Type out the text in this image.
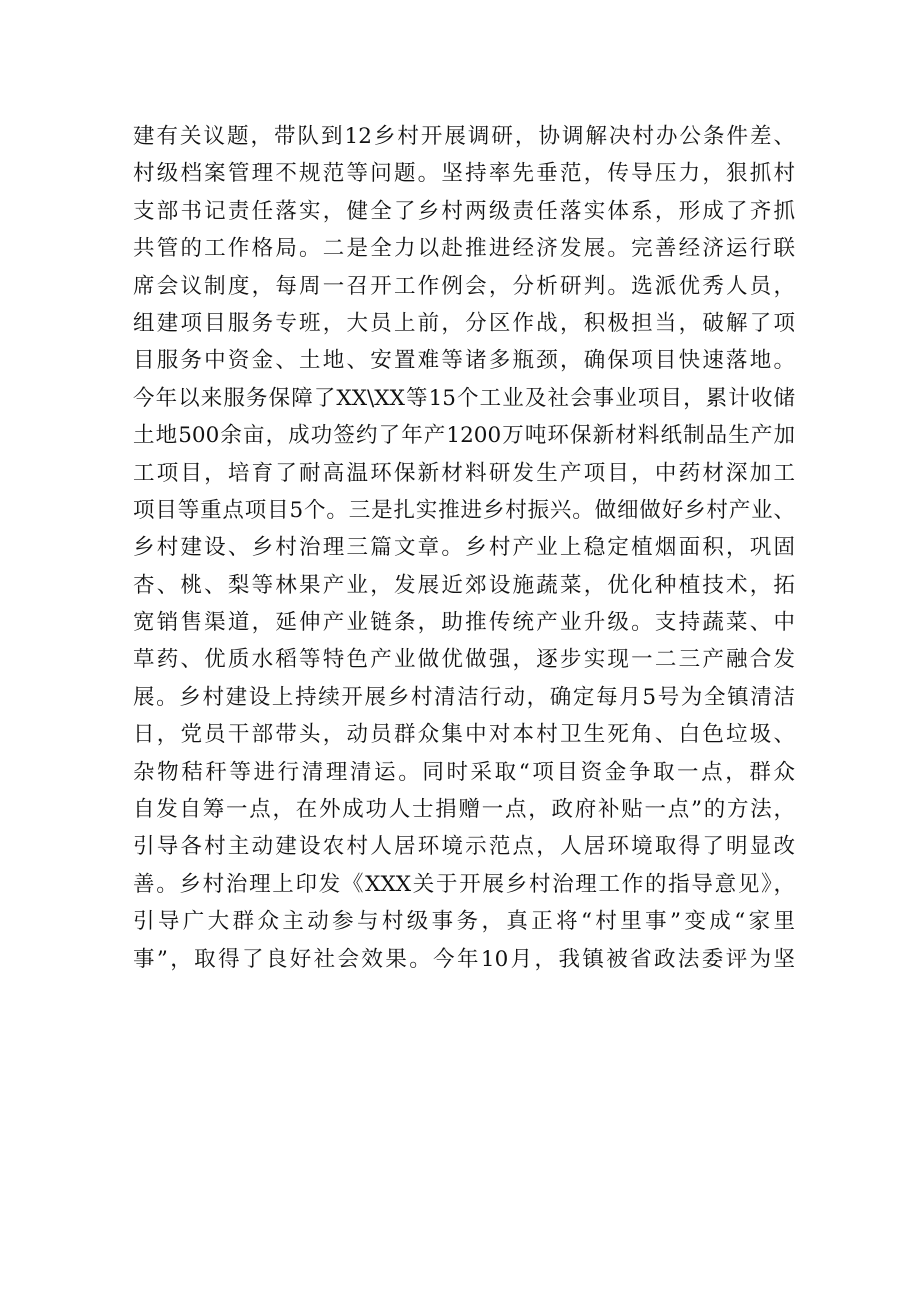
建有关议题，带队到12乡村开展调研，协调解决村办公条件差、
村级档案管理不规范等问题。坚持率先垂范，传导压力，狠抓村
支部书记责任落实，健全了乡村两级责任落实体系，形成了齐抓
共管的工作格局。二是全力以赴推进经济发展。完善经济运行联
席会议制度，每周一召开工作例会，分析研判。选派优秀人员，
组建项目服务专班，大员上前，分区作战，积极担当，破解了项
目服务中资金、土地、安置难等诸多瓶颈，确保项目快速落地。
今年以来服务保障了XX\XX等15个工业及社会事业项目，累计收储
土地500余亩，成功签约了年产1200万吨环保新材料纸制品生产加
工项目，培育了耐高温环保新材料研发生产项目，中药材深加工
项目等重点项目5个。三是扎实推进乡村振兴。做细做好乡村产业、
乡村建设、乡村治理三篇文章。乡村产业上稳定植烟面积，巩固
杏、桃、梨等林果产业，发展近郊设施蔬菜，优化种植技术，拓
宽销售渠道，延伸产业链条，助推传统产业升级。支持蔬菜、中
草药、优质水稻等特色产业做优做强，逐步实现一二三产融合发
展。乡村建设上持续开展乡村清洁行动，确定每月5号为全镇清洁
日，党员干部带头，动员群众集中对本村卫生死角、白色垃圾、
杂物秸秆等进行清理清运。同时采取“项目资金争取一点，群众
自发自筹一点，在外成功人士捐赠一点，政府补贴一点”的方法，
引导各村主动建设农村人居环境示范点，人居环境取得了明显改
善。乡村治理上印发《XXX关于开展乡村治理工作的指导意见》，
引导广大群众主动参与村级事务，真正将“村里事”变成“家里
事”，取得了良好社会效果。今年10月，我镇被省政法委评为坚
